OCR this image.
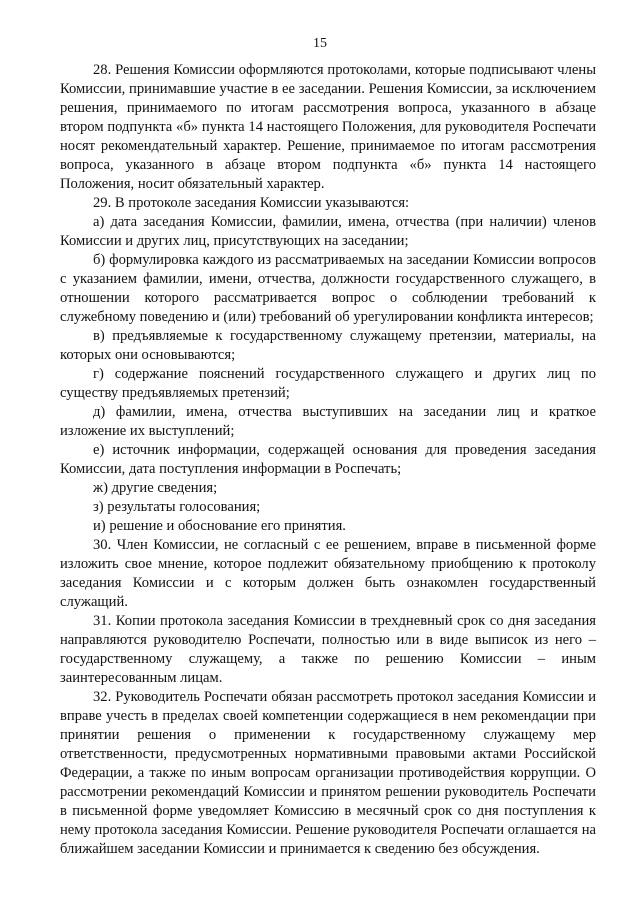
15

28. Решения Комиссии оформляются протоколами, которые подписывают члены Комиссии, принимавшие участие в ее заседании. Решения Комиссии, за исключением решения, принимаемого по итогам рассмотрения вопроса, указанного в абзаце втором подпункта «б» пункта 14 настоящего Положения, для руководителя Роспечати носят рекомендательный характер. Решение, принимаемое по итогам рассмотрения вопроса, указанного в абзаце втором подпункта «б» пункта 14 настоящего Положения, носит обязательный характер.

29. В протоколе заседания Комиссии указываются:

а) дата заседания Комиссии, фамилии, имена, отчества (при наличии) членов Комиссии и других лиц, присутствующих на заседании;

б) формулировка каждого из рассматриваемых на заседании Комиссии вопросов с указанием фамилии, имени, отчества, должности государственного служащего, в отношении которого рассматривается вопрос о соблюдении требований к служебному поведению и (или) требований об урегулировании конфликта интересов;

в) предъявляемые к государственному служащему претензии, материалы, на которых они основываются;

г) содержание пояснений государственного служащего и других лиц по существу предъявляемых претензий;

д) фамилии, имена, отчества выступивших на заседании лиц и краткое изложение их выступлений;

е) источник информации, содержащей основания для проведения заседания Комиссии, дата поступления информации в Роспечать;

ж) другие сведения;

з) результаты голосования;

и) решение и обоснование его принятия.

30. Член Комиссии, не согласный с ее решением, вправе в письменной форме изложить свое мнение, которое подлежит обязательному приобщению к протоколу заседания Комиссии и с которым должен быть ознакомлен государственный служащий.

31. Копии протокола заседания Комиссии в трехдневный срок со дня заседания направляются руководителю Роспечати, полностью или в виде выписок из него – государственному служащему, а также по решению Комиссии – иным заинтересованным лицам.

32. Руководитель Роспечати обязан рассмотреть протокол заседания Комиссии и вправе учесть в пределах своей компетенции содержащиеся в нем рекомендации при принятии решения о применении к государственному служащему мер ответственности, предусмотренных нормативными правовыми актами Российской Федерации, а также по иным вопросам организации противодействия коррупции. О рассмотрении рекомендаций Комиссии и принятом решении руководитель Роспечати в письменной форме уведомляет Комиссию в месячный срок со дня поступления к нему протокола заседания Комиссии. Решение руководителя Роспечати оглашается на ближайшем заседании Комиссии и принимается к сведению без обсуждения.
